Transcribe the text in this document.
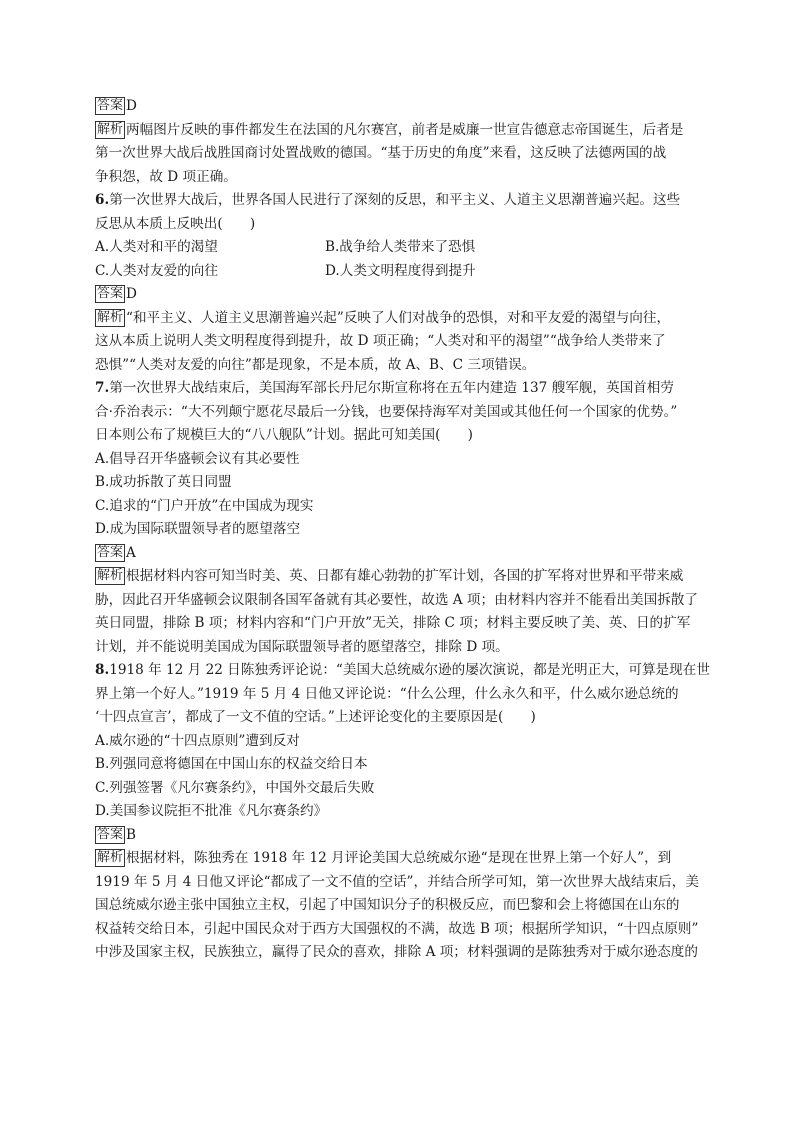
答案 D
解析 两幅图片反映的事件都发生在法国的凡尔赛宫，前者是威廉一世宣告德意志帝国诞生，后者是
第一次世界大战后战胜国商讨处置战败的德国。“基于历史的角度”来看，这反映了法德两国的战
争积怨，故 D 项正确。
6.第一次世界大战后，世界各国人民进行了深刻的反思，和平主义、人道主义思潮普遍兴起。这些
反思从本质上反映出(　　)
A.人类对和平的渴望	B.战争给人类带来了恐惧
C.人类对友爱的向往	D.人类文明程度得到提升
答案 D
解析 “和平主义、人道主义思潮普遍兴起”反映了人们对战争的恐惧，对和平友爱的渴望与向往，
这从本质上说明人类文明程度得到提升，故 D 项正确；“人类对和平的渴望”“战争给人类带来了
恐惧”“人类对友爱的向往”都是现象，不是本质，故 A、B、C 三项错误。
7.第一次世界大战结束后，美国海军部长丹尼尔斯宣称将在五年内建造 137 艘军舰，英国首相劳
合·乔治表示：“大不列颠宁愿花尽最后一分钱，也要保持海军对美国或其他任何一个国家的优势。”
日本则公布了规模巨大的“八八舰队”计划。据此可知美国(　　)
A.倡导召开华盛顿会议有其必要性
B.成功拆散了英日同盟
C.追求的“门户开放”在中国成为现实
D.成为国际联盟领导者的愿望落空
答案 A
解析 根据材料内容可知当时美、英、日都有雄心勃勃的扩军计划，各国的扩军将对世界和平带来威
胁，因此召开华盛顿会议限制各国军备就有其必要性，故选 A 项；由材料内容并不能看出美国拆散了
英日同盟，排除 B 项；材料内容和“门户开放”无关，排除 C 项；材料主要反映了美、英、日的扩军
计划，并不能说明美国成为国际联盟领导者的愿望落空，排除 D 项。
8.1918 年 12 月 22 日陈独秀评论说：“美国大总统威尔逊的屡次演说，都是光明正大，可算是现在世
界上第一个好人。”1919 年 5 月 4 日他又评论说：“什么公理，什么永久和平，什么威尔逊总统的
‘十四点宣言’，都成了一文不值的空话。”上述评论变化的主要原因是(　　)
A.威尔逊的“十四点原则”遭到反对
B.列强同意将德国在中国山东的权益交给日本
C.列强签署《凡尔赛条约》，中国外交最后失败
D.美国参议院拒不批准《凡尔赛条约》
答案 B
解析 根据材料，陈独秀在 1918 年 12 月评论美国大总统威尔逊“是现在世界上第一个好人”，到
1919 年 5 月 4 日他又评论“都成了一文不值的空话”，并结合所学可知，第一次世界大战结束后，美
国总统威尔逊主张中国独立主权，引起了中国知识分子的积极反应，而巴黎和会上将德国在山东的
权益转交给日本，引起中国民众对于西方大国强权的不满，故选 B 项；根据所学知识，“十四点原则”
中涉及国家主权，民族独立，赢得了民众的喜欢，排除 A 项；材料强调的是陈独秀对于威尔逊态度的
